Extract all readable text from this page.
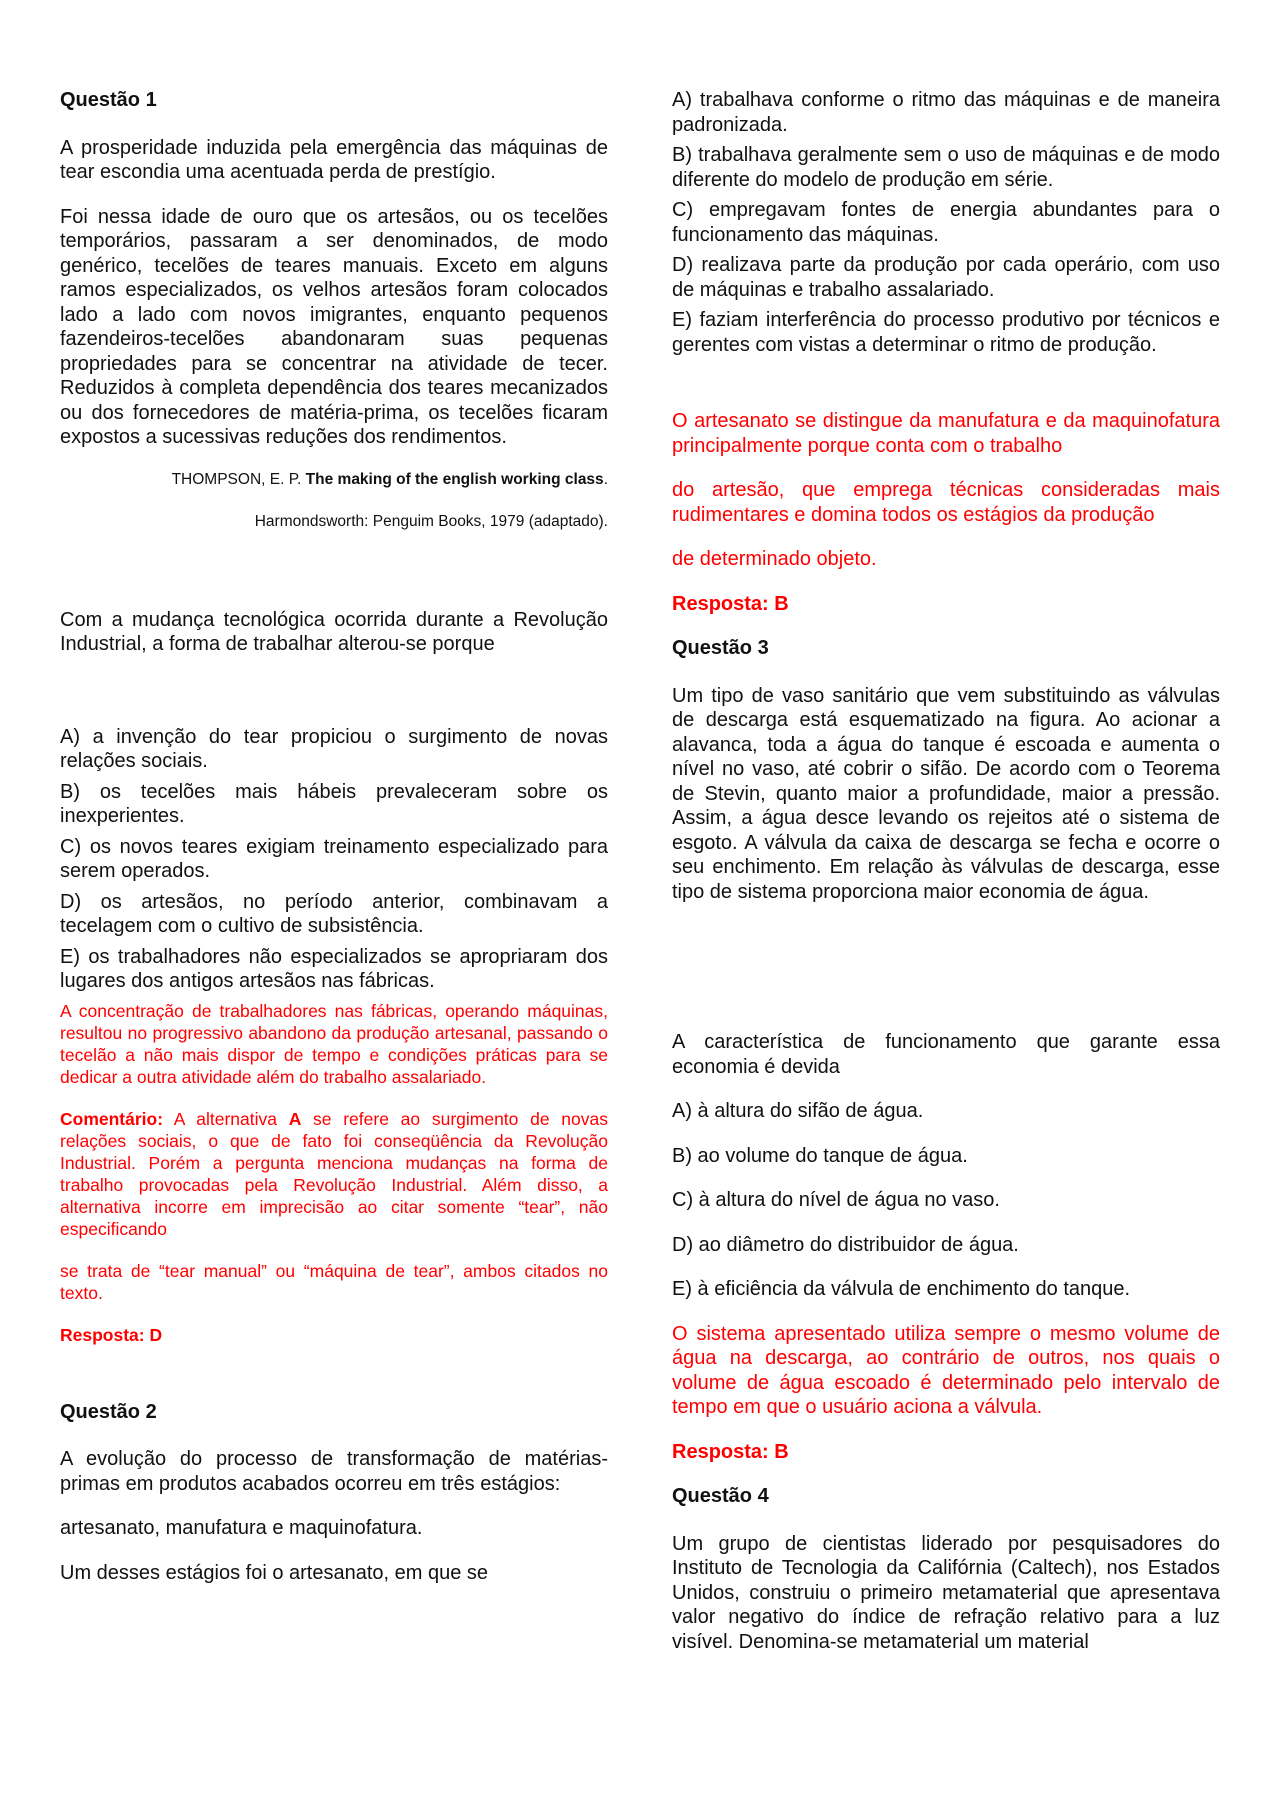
Questão 1

A prosperidade induzida pela emergência das máquinas de tear escondia uma acentuada perda de prestígio.

Foi nessa idade de ouro que os artesãos, ou os tecelões temporários, passaram a ser denominados, de modo genérico, tecelões de teares manuais. Exceto em alguns ramos especializados, os velhos artesãos foram colocados lado a lado com novos imigrantes, enquanto pequenos fazendeiros-tecelões abandonaram suas pequenas propriedades para se concentrar na atividade de tecer. Reduzidos à completa dependência dos teares mecanizados ou dos fornecedores de matéria-prima, os tecelões ficaram expostos a sucessivas reduções dos rendimentos.

THOMPSON, E. P. The making of the english working class.

Harmondsworth: Penguim Books, 1979 (adaptado).

Com a mudança tecnológica ocorrida durante a Revolução Industrial, a forma de trabalhar alterou-se porque

A) a invenção do tear propiciou o surgimento de novas relações sociais.

B) os tecelões mais hábeis prevaleceram sobre os inexperientes.

C) os novos teares exigiam treinamento especializado para serem operados.

D) os artesãos, no período anterior, combinavam a tecelagem com o cultivo de subsistência.

E) os trabalhadores não especializados se apropriaram dos lugares dos antigos artesãos nas fábricas.

A concentração de trabalhadores nas fábricas, operando máquinas, resultou no progressivo abandono da produção artesanal, passando o tecelão a não mais dispor de tempo e condições práticas para se dedicar a outra atividade além do trabalho assalariado.

Comentário: A alternativa A se refere ao surgimento de novas relações sociais, o que de fato foi conseqüência da Revolução Industrial. Porém a pergunta menciona mudanças na forma de trabalho provocadas pela Revolução Industrial. Além disso, a alternativa incorre em imprecisão ao citar somente “tear”, não especificando

se trata de “tear manual” ou “máquina de tear”, ambos citados no texto.

Resposta: D

Questão 2

A evolução do processo de transformação de matérias-primas em produtos acabados ocorreu em três estágios:

artesanato, manufatura e maquinofatura.

Um desses estágios foi o artesanato, em que se

A) trabalhava conforme o ritmo das máquinas e de maneira padronizada.

B) trabalhava geralmente sem o uso de máquinas e de modo diferente do modelo de produção em série.

C) empregavam fontes de energia abundantes para o funcionamento das máquinas.

D) realizava parte da produção por cada operário, com uso de máquinas e trabalho assalariado.

E) faziam interferência do processo produtivo por técnicos e gerentes com vistas a determinar o ritmo de produção.

O artesanato se distingue da manufatura e da maquinofatura principalmente porque conta com o trabalho

do artesão, que emprega técnicas consideradas mais rudimentares e domina todos os estágios da produção

de determinado objeto.

Resposta: B

Questão 3

Um tipo de vaso sanitário que vem substituindo as válvulas de descarga está esquematizado na figura. Ao acionar a alavanca, toda a água do tanque é escoada e aumenta o nível no vaso, até cobrir o sifão. De acordo com o Teorema de Stevin, quanto maior a profundidade, maior a pressão. Assim, a água desce levando os rejeitos até o sistema de esgoto. A válvula da caixa de descarga se fecha e ocorre o seu enchimento. Em relação às válvulas de descarga, esse tipo de sistema proporciona maior economia de água.

A característica de funcionamento que garante essa economia é devida

A) à altura do sifão de água.

B) ao volume do tanque de água.

C) à altura do nível de água no vaso.

D) ao diâmetro do distribuidor de água.

E) à eficiência da válvula de enchimento do tanque.

O sistema apresentado utiliza sempre o mesmo volume de água na descarga, ao contrário de outros, nos quais o volume de água escoado é determinado pelo intervalo de tempo em que o usuário aciona a válvula.

Resposta: B

Questão 4

Um grupo de cientistas liderado por pesquisadores do Instituto de Tecnologia da Califórnia (Caltech), nos Estados Unidos, construiu o primeiro metamaterial que apresentava valor negativo do índice de refração relativo para a luz visível. Denomina-se metamaterial um material
